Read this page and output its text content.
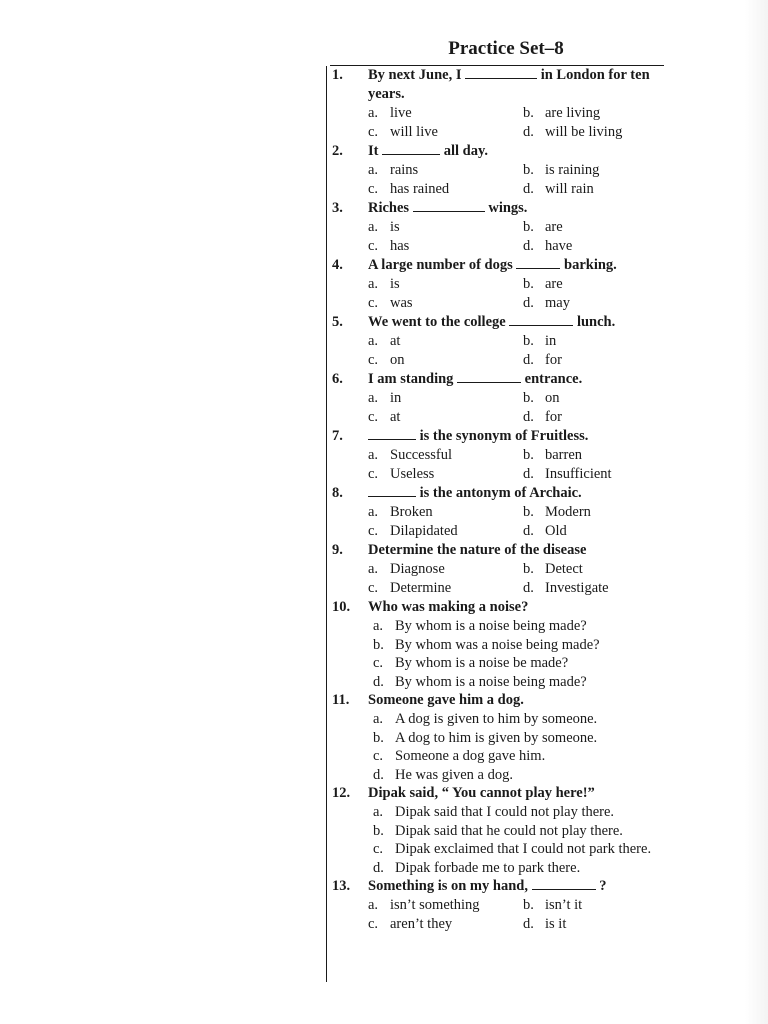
Practice Set–8
1.	By next June, I	in London for ten years.
a. live	b. are living
c. will live	d. will be living
2.	It	all day.
a. rains	b. is raining
c. has rained	d. will rain
3.	Riches	wings.
a. is	b. are
c. has	d. have
4.	A large number of dogs	barking.
a. is	b. are
c. was	d. may
5.	We went to the college	lunch.
a. at	b. in
c. on	d. for
6.	I am standing	entrance.
a. in	b. on
c. at	d. for
7.	is the synonym of Fruitless.
a. Successful	b. barren
c. Useless	d. Insufficient
8.	is the antonym of Archaic.
a. Broken	b. Modern
c. Dilapidated	d. Old
9.	Determine the nature of the disease
a. Diagnose	b. Detect
c. Determine	d. Investigate
10.	Who was making a noise?
a. By whom is a noise being made?
b. By whom was a noise being made?
c. By whom is a noise be made?
d. By whom is a noise being made?
11.	Someone gave him a dog.
a. A dog is given to him by someone.
b. A dog to him is given by someone.
c. Someone a dog gave him.
d. He was given a dog.
12.	Dipak said, “ You cannot play here!”
a. Dipak said that I could not play there.
b. Dipak said that he could not play there.
c. Dipak exclaimed that I could not park there.
d. Dipak forbade me to park there.
13.	Something is on my hand,	?
a. isn’t something	b. isn’t it
c. aren’t they	d. is it
